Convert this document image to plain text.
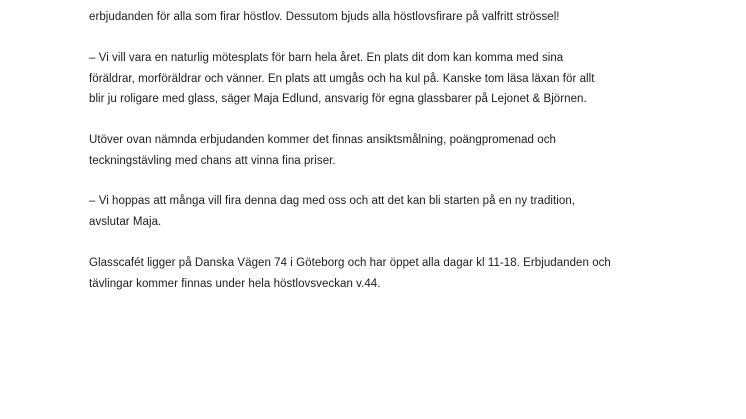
erbjudanden för alla som firar höstlov. Dessutom bjuds alla höstlovsfirare på valfritt strössel!

– Vi vill vara en naturlig mötesplats för barn hela året. En plats dit dom kan komma med sina
föräldrar, morföräldrar och vänner. En plats att umgås och ha kul på. Kanske tom läsa läxan för allt
blir ju roligare med glass, säger Maja Edlund, ansvarig för egna glassbarer på Lejonet & Björnen.

Utöver ovan nämnda erbjudanden kommer det finnas ansiktsmålning, poängpromenad och
teckningstävling med chans att vinna fina priser.

– Vi hoppas att många vill fira denna dag med oss och att det kan bli starten på en ny tradition,
avslutar Maja.

Glasscafét ligger på Danska Vägen 74 i Göteborg och har öppet alla dagar kl 11-18. Erbjudanden och
tävlingar kommer finnas under hela höstlovsveckan v.44.
